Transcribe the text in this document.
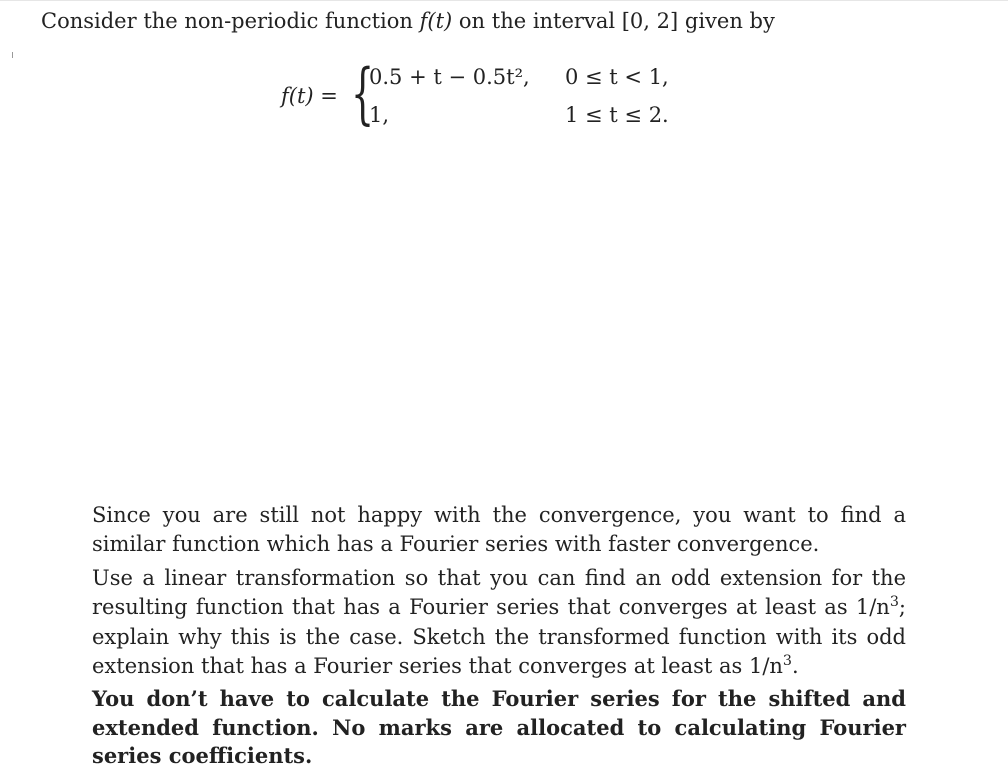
Consider the non-periodic function f(t) on the interval [0, 2] given by
f(t) = {
0.5 + t − 0.5t², 0 ≤ t < 1,
1,	1 ≤ t ≤ 2.
Since you are still not happy with the convergence, you want to find a similar function which has a Fourier series with faster convergence.
Use a linear transformation so that you can find an odd extension for the resulting function that has a Fourier series that converges at least as $1/n^3$; explain why this is the case. Sketch the transformed function with its odd extension that has a Fourier series that converges at least as $1/n^3$.
You don’t have to calculate the Fourier series for the shifted and extended function. No marks are allocated to calculating Fourier series coefficients.
